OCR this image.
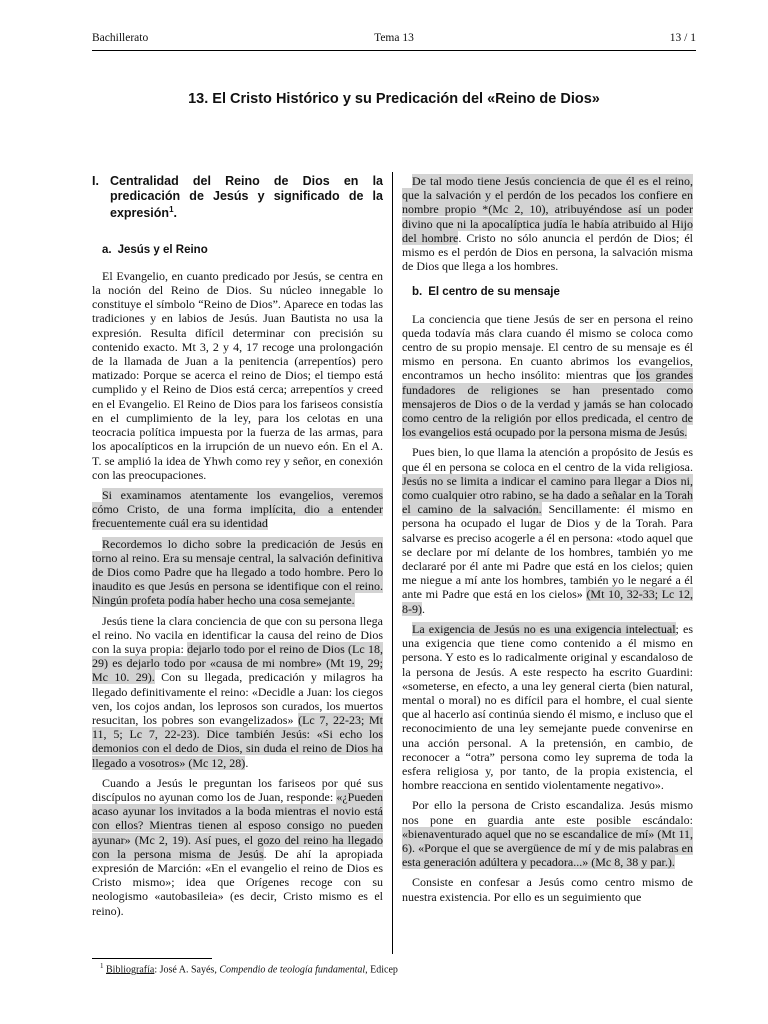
Bachillerato	Tema 13	13 / 1
13. El Cristo Histórico y su Predicación del «Reino de Dios»
I. Centralidad del Reino de Dios en la predicación de Jesús y significado de la expresión$^1$.
a. Jesús y el Reino

El Evangelio, en cuanto predicado por Jesús, se centra en la noción del Reino de Dios. Su núcleo innegable lo constituye el símbolo “Reino de Dios”. Aparece en todas las tradiciones y en labios de Jesús. Juan Bautista no usa la expresión. Resulta difícil determinar con precisión su contenido exacto. Mt 3, 2 y 4, 17 recoge una prolongación de la llamada de Juan a la penitencia (arrepentíos) pero matizado: Porque se acerca el reino de Dios; el tiempo está cumplido y el Reino de Dios está cerca; arrepentíos y creed en el Evangelio. El Reino de Dios para los fariseos consistía en el cumplimiento de la ley, para los celotas en una teocracia política impuesta por la fuerza de las armas, para los apocalípticos en la irrupción de un nuevo eón. En el A. T. se amplió la idea de Yhwh como rey y señor, en conexión con las preocupaciones.

Si examinamos atentamente los evangelios, veremos cómo Cristo, de una forma implícita, dio a entender frecuentemente cuál era su identidad

Recordemos lo dicho sobre la predicación de Jesús en torno al reino. Era su mensaje central, la salvación definitiva de Dios como Padre que ha llegado a todo hombre. Pero lo inaudito es que Jesús en persona se identifique con el reino. Ningún profeta podía haber hecho una cosa semejante.

Jesús tiene la clara conciencia de que con su persona llega el reino. No vacila en identificar la causa del reino de Dios con la suya propia: dejarlo todo por el reino de Dios (Lc 18, 29) es dejarlo todo por «causa de mi nombre» (Mt 19, 29; Mc 10. 29). Con su llegada, predicación y milagros ha llegado definitivamente el reino: «Decidle a Juan: los ciegos ven, los cojos andan, los leprosos son curados, los muertos resucitan, los pobres son evangelizados» (Lc 7, 22-23; Mt 11, 5; Lc 7, 22-23). Dice también Jesús: «Si echo los demonios con el dedo de Dios, sin duda el reino de Dios ha llegado a vosotros» (Mc 12, 28).

Cuando a Jesús le preguntan los fariseos por qué sus discípulos no ayunan como los de Juan, responde: «¿Pueden acaso ayunar los invitados a la boda mientras el novio está con ellos? Mientras tienen al esposo consigo no pueden ayunar» (Mc 2, 19). Así pues, el gozo del reino ha llegado con la persona misma de Jesús. De ahí la apropiada expresión de Marción: «En el evangelio el reino de Dios es Cristo mismo»; idea que Orígenes recoge con su neologismo «autobasileia» (es decir, Cristo mismo es el reino).

De tal modo tiene Jesús conciencia de que él es el reino, que la salvación y el perdón de los pecados los confiere en nombre propio *(Mc 2, 10), atribuyéndose así un poder divino que ni la apocalíptica judía le había atribuido al Hijo del hombre. Cristo no sólo anuncia el perdón de Dios; él mismo es el perdón de Dios en persona, la salvación misma de Dios que llega a los hombres.

b. El centro de su mensaje

La conciencia que tiene Jesús de ser en persona el reino queda todavía más clara cuando él mismo se coloca como centro de su propio mensaje. El centro de su mensaje es él mismo en persona. En cuanto abrimos los evangelios, encontramos un hecho insólito: mientras que los grandes fundadores de religiones se han presentado como mensajeros de Dios o de la verdad y jamás se han colocado como centro de la religión por ellos predicada, el centro de los evangelios está ocupado por la persona misma de Jesús.

Pues bien, lo que llama la atención a propósito de Jesús es que él en persona se coloca en el centro de la vida religiosa. Jesús no se limita a indicar el camino para llegar a Dios ni, como cualquier otro rabino, se ha dado a señalar en la Torah el camino de la salvación. Sencillamente: él mismo en persona ha ocupado el lugar de Dios y de la Torah. Para salvarse es preciso acogerle a él en persona: «todo aquel que se declare por mí delante de los hombres, también yo me declararé por él ante mi Padre que está en los cielos; quien me niegue a mí ante los hombres, también yo le negaré a él ante mi Padre que está en los cielos» (Mt 10, 32-33; Lc 12, 8-9).

La exigencia de Jesús no es una exigencia intelectual; es una exigencia que tiene como contenido a él mismo en persona. Y esto es lo radicalmente original y escandaloso de la persona de Jesús. A este respecto ha escrito Guardini: «someterse, en efecto, a una ley general cierta (bien natural, mental o moral) no es difícil para el hombre, el cual siente que al hacerlo así continúa siendo él mismo, e incluso que el reconocimiento de una ley semejante puede convenirse en una acción personal. A la pretensión, en cambio, de reconocer a “otra” persona como ley suprema de toda la esfera religiosa y, por tanto, de la propia existencia, el hombre reacciona en sentido violentamente negativo».

Por ello la persona de Cristo escandaliza. Jesús mismo nos pone en guardia ante este posible escándalo: «bienaventurado aquel que no se escandalice de mí» (Mt 11, 6). «Porque el que se avergüence de mí y de mis palabras en esta generación adúltera y pecadora...» (Mc 8, 38 y par.).

Consiste en confesar a Jesús como centro mismo de nuestra existencia. Por ello es un seguimiento que

$^1$ Bibliografía: José A. Sayés, Compendio de teología fundamental, Edicep
